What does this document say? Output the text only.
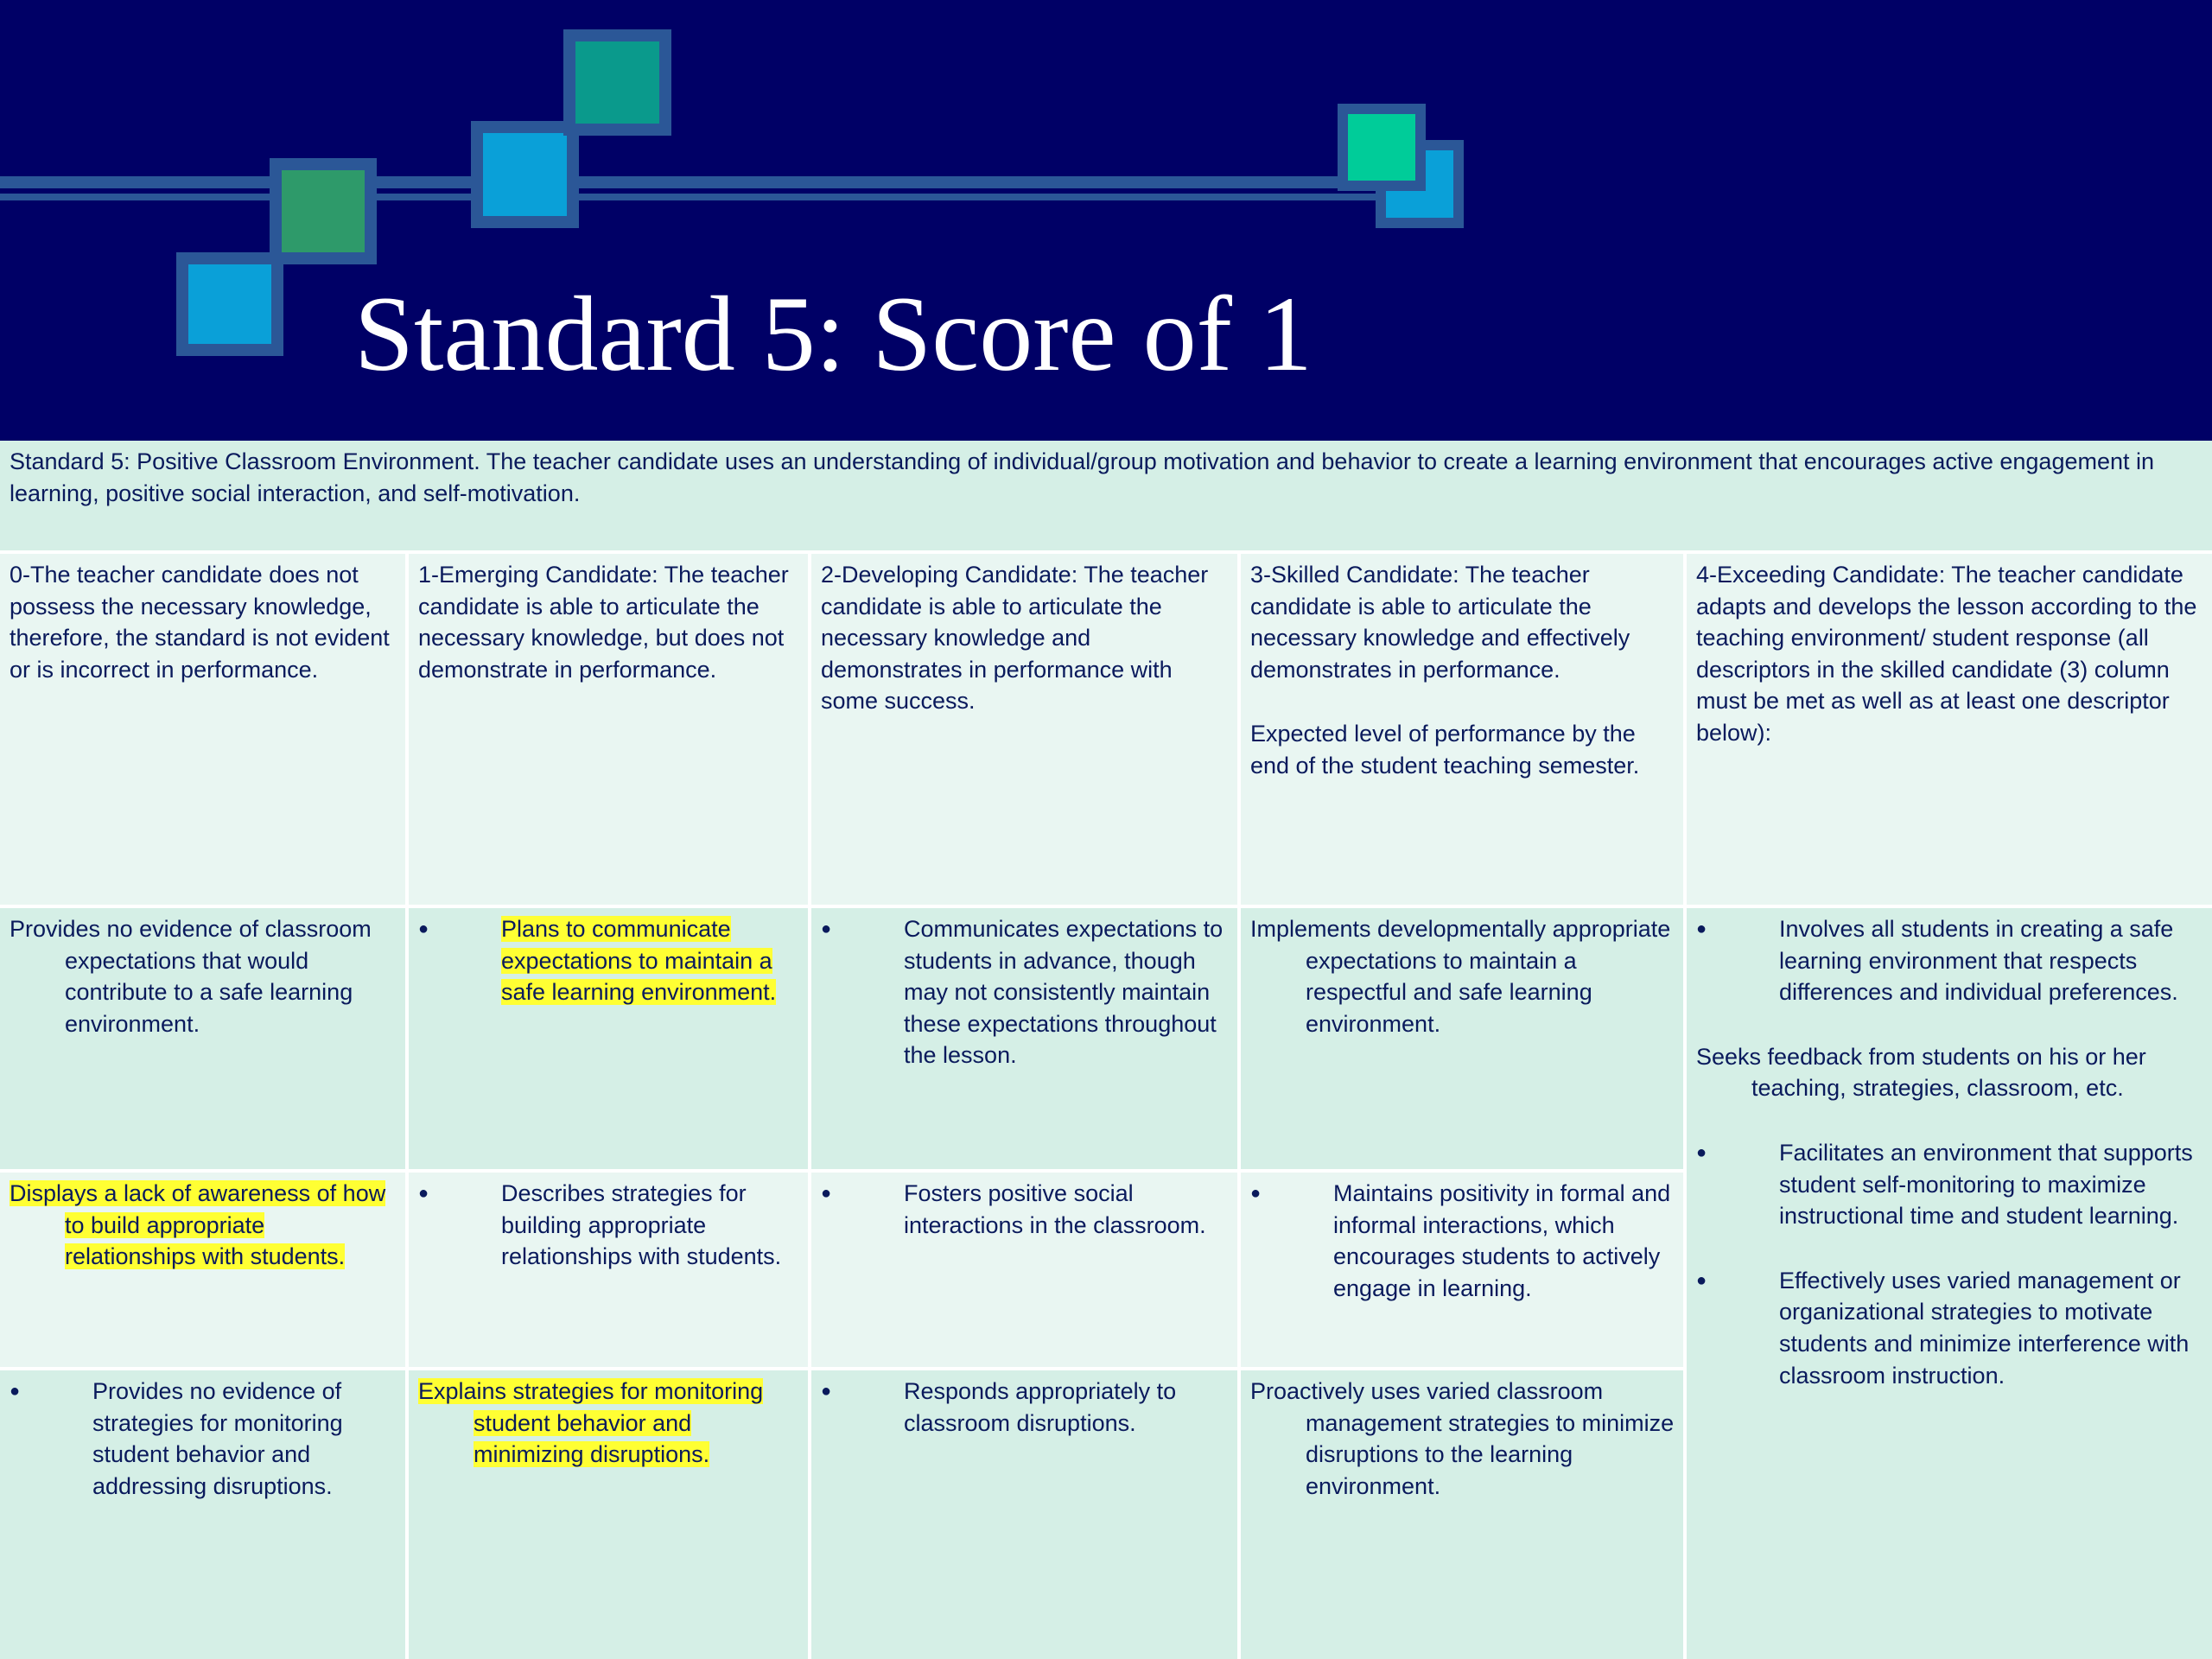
Standard 5: Score of 1

Standard 5: Positive Classroom Environment. The teacher candidate uses an understanding of individual/group motivation and behavior to create a learning environment that encourages active engagement in learning, positive social interaction, and self-motivation.

0-The teacher candidate does not possess the necessary knowledge, therefore, the standard is not evident or is incorrect in performance.

1-Emerging Candidate: The teacher candidate is able to articulate the necessary knowledge, but does not demonstrate in performance.

2-Developing Candidate: The teacher candidate is able to articulate the necessary knowledge and demonstrates in performance with some success.

3-Skilled Candidate: The teacher candidate is able to articulate the necessary knowledge and effectively demonstrates in performance.

Expected level of performance by the end of the student teaching semester.

4-Exceeding Candidate: The teacher candidate adapts and develops the lesson according to the teaching environment/ student response (all descriptors in the skilled candidate (3) column must be met as well as at least one descriptor below):

Provides no evidence of classroom expectations that would contribute to a safe learning environment.

● Plans to communicate expectations to maintain a safe learning environment.

● Communicates expectations to students in advance, though may not consistently maintain these expectations throughout the lesson.

Implements developmentally appropriate expectations to maintain a respectful and safe learning environment.

Displays a lack of awareness of how to build appropriate relationships with students.

● Describes strategies for building appropriate relationships with students.

● Fosters positive social interactions in the classroom.

● Maintains positivity in formal and informal interactions, which encourages students to actively engage in learning.

● Provides no evidence of strategies for monitoring student behavior and addressing disruptions.

Explains strategies for monitoring student behavior and minimizing disruptions.

● Responds appropriately to classroom disruptions.

Proactively uses varied classroom management strategies to minimize disruptions to the learning environment.

● Involves all students in creating a safe learning environment that respects differences and individual preferences.

Seeks feedback from students on his or her teaching, strategies, classroom, etc.

● Facilitates an environment that supports student self-monitoring to maximize instructional time and student learning.

● Effectively uses varied management or organizational strategies to motivate students and minimize interference with classroom instruction.
